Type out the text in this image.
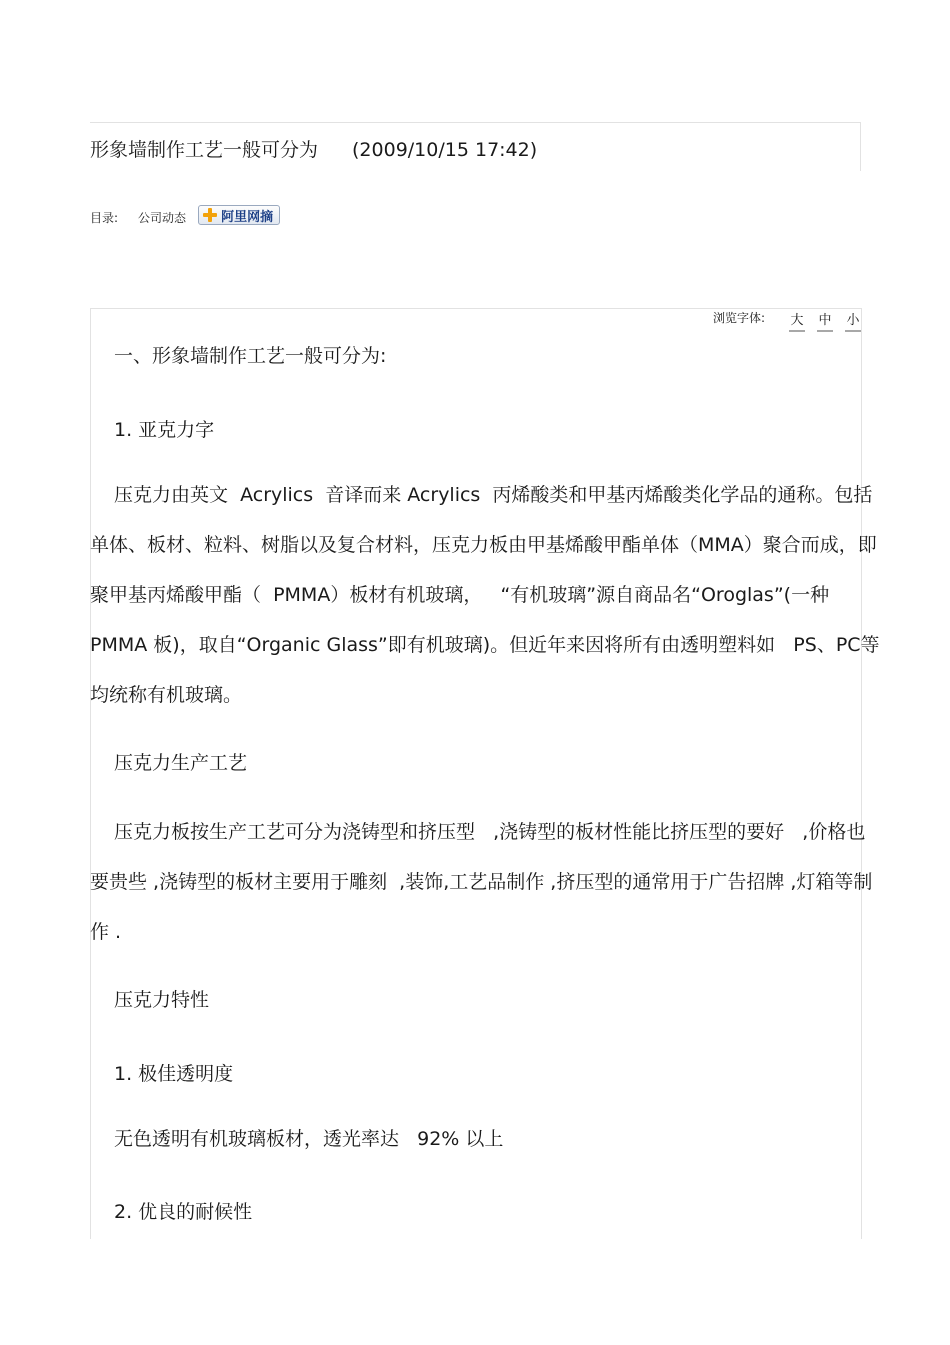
形象墙制作工艺一般可分为 (2009/10/15 17:42)
目录: 公司动态	阿里网摘
浏览字体: 大 中 小

一、形象墙制作工艺一般可分为:

1. 亚克力字

压克力由英文  Acrylics  音译而来 Acrylics  丙烯酸类和甲基丙烯酸类化学品的通称。包括单体、板材、粒料、树脂以及复合材料，压克力板由甲基烯酸甲酯单体（MMA）聚合而成，即聚甲基丙烯酸甲酯（  PMMA）板材有机玻璃，   “有机玻璃”源自商品名“Oroglas”(一种 PMMA 板)，取自“Organic Glass”即有机玻璃)。但近年来因将所有由透明塑料如   PS、PC等均统称有机玻璃。

压克力生产工艺

压克力板按生产工艺可分为浇铸型和挤压型   ,浇铸型的板材性能比挤压型的要好   ,价格也要贵些 ,浇铸型的板材主要用于雕刻  ,装饰,工艺品制作 ,挤压型的通常用于广告招牌 ,灯箱等制作 .

压克力特性

1. 极佳透明度

无色透明有机玻璃板材，透光率达   92% 以上

2. 优良的耐候性
